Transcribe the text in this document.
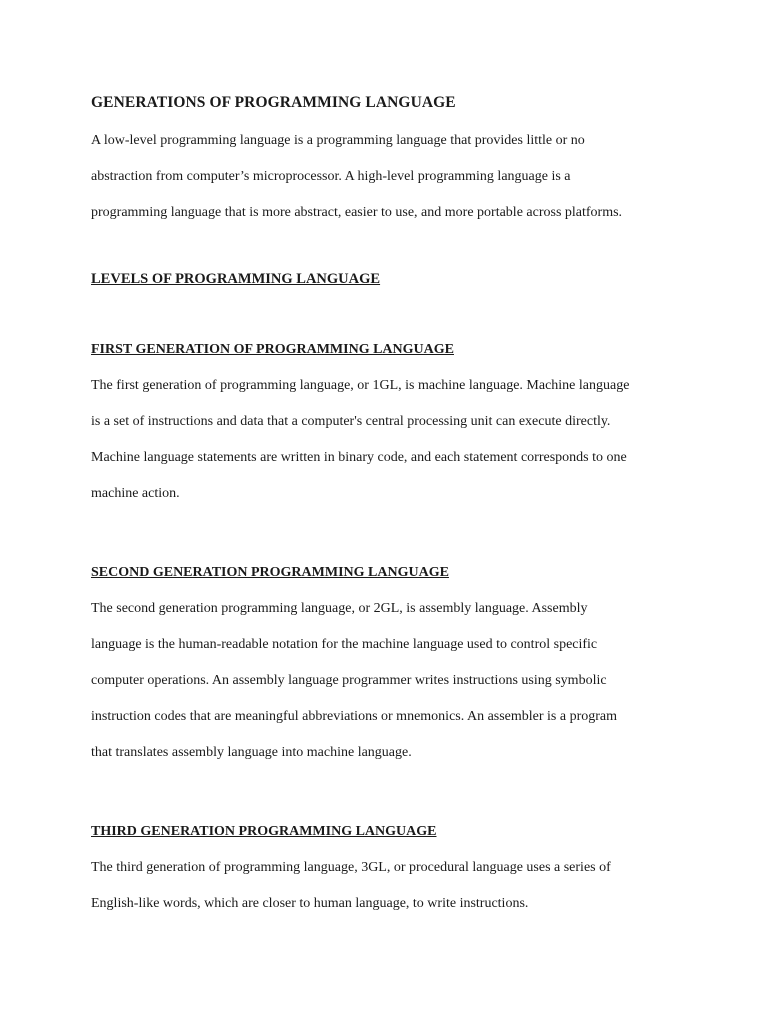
GENERATIONS OF PROGRAMMING LANGUAGE
A low-level programming language is a programming language that provides little or no
abstraction from computer’s microprocessor. A high-level programming language is a
programming language that is more abstract, easier to use, and more portable across platforms.
LEVELS OF PROGRAMMING LANGUAGE
FIRST GENERATION OF PROGRAMMING LANGUAGE
The first generation of programming language, or 1GL, is machine language. Machine language
is a set of instructions and data that a computer's central processing unit can execute directly.
Machine language statements are written in binary code, and each statement corresponds to one
machine action.
SECOND GENERATION PROGRAMMING LANGUAGE
The second generation programming language, or 2GL, is assembly language. Assembly
language is the human-readable notation for the machine language used to control specific
computer operations. An assembly language programmer writes instructions using symbolic
instruction codes that are meaningful abbreviations or mnemonics. An assembler is a program
that translates assembly language into machine language.
THIRD GENERATION PROGRAMMING LANGUAGE
The third generation of programming language, 3GL, or procedural language uses a series of
English-like words, which are closer to human language, to write instructions.
